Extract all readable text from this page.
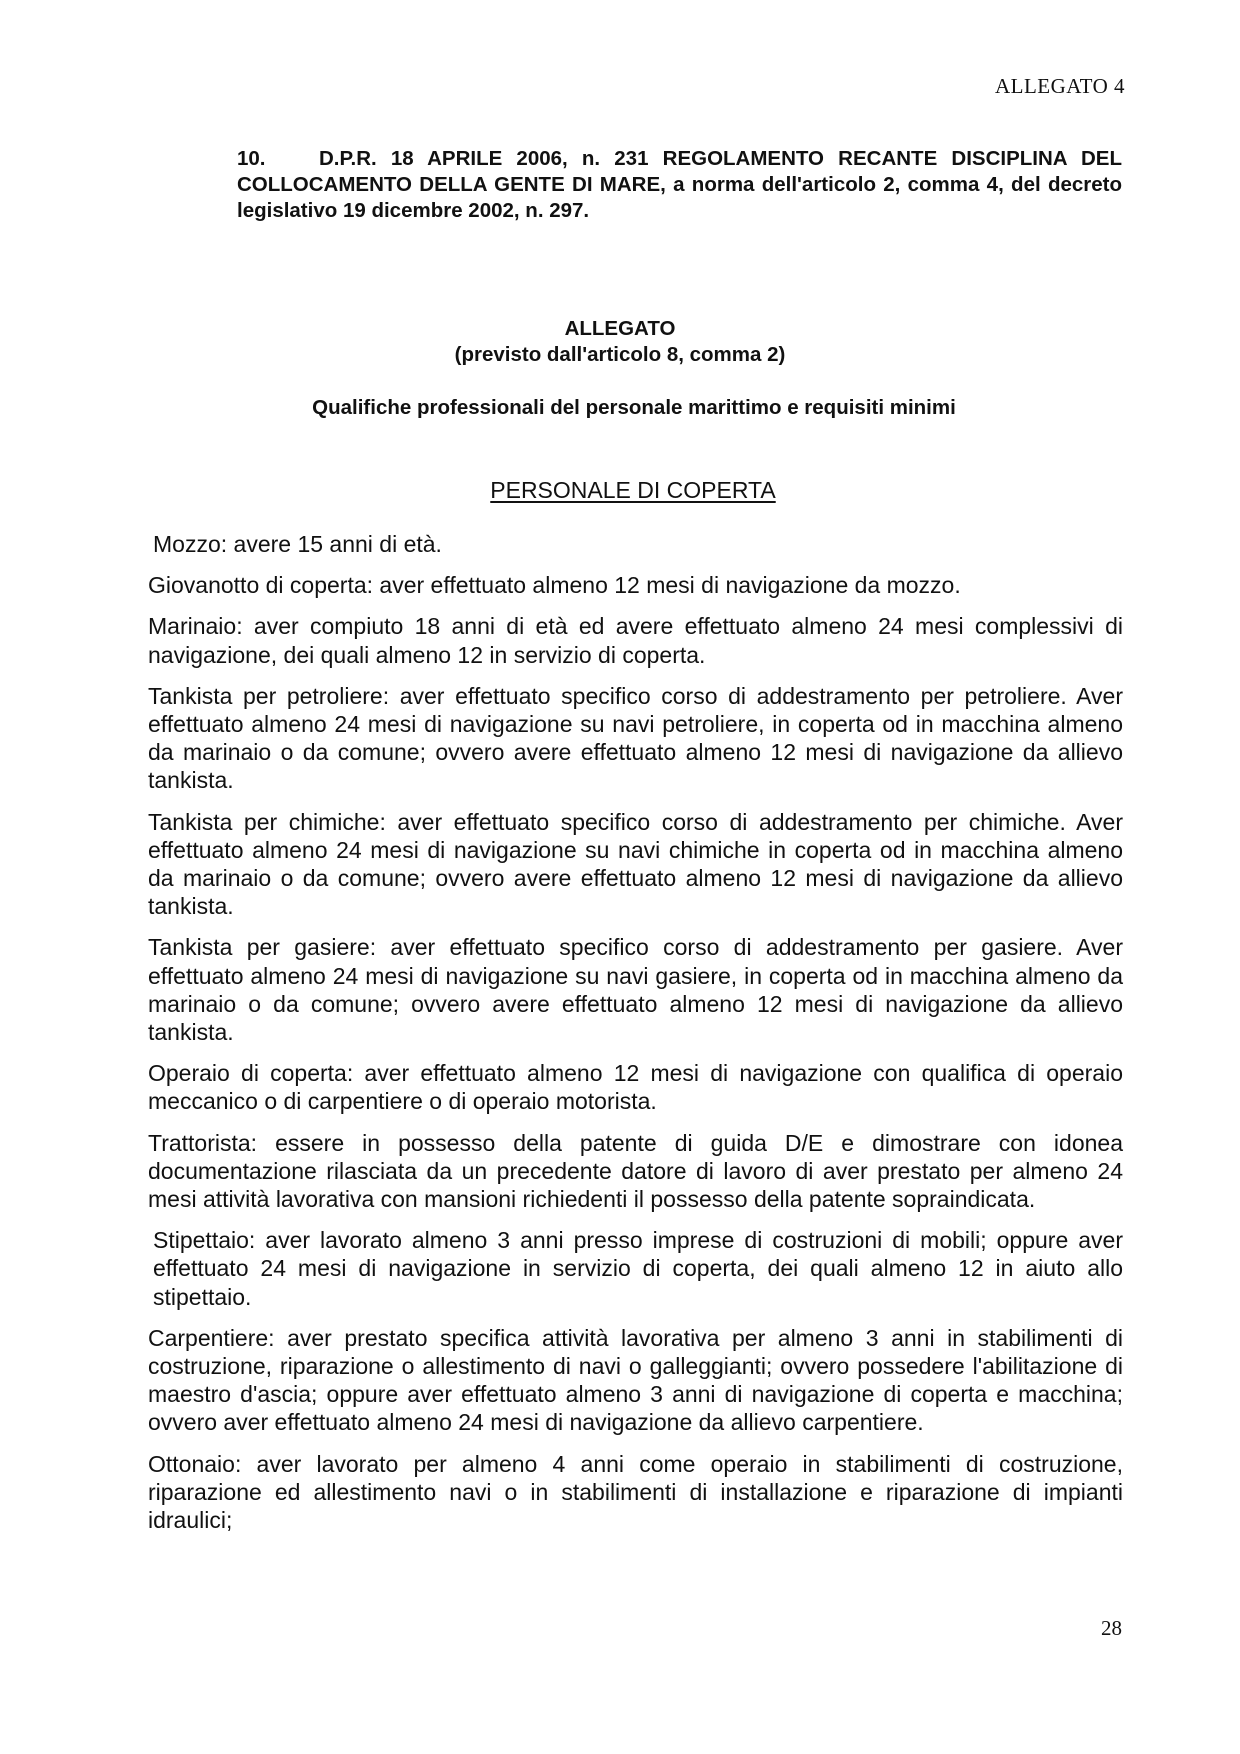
ALLEGATO 4
10.	D.P.R. 18 APRILE 2006, n. 231 REGOLAMENTO RECANTE DISCIPLINA DEL COLLOCAMENTO DELLA GENTE DI MARE, a norma dell'articolo 2, comma 4, del decreto legislativo 19 dicembre 2002, n. 297.
ALLEGATO
(previsto dall'articolo 8, comma 2)
Qualifiche professionali del personale marittimo e requisiti minimi
PERSONALE DI COPERTA

Mozzo: avere 15 anni di età.

Giovanotto di coperta: aver effettuato almeno 12 mesi di navigazione da mozzo.

Marinaio: aver compiuto 18 anni di età ed avere effettuato almeno 24 mesi complessivi di navigazione, dei quali almeno 12 in servizio di coperta.

Tankista per petroliere: aver effettuato specifico corso di addestramento per petroliere. Aver effettuato almeno 24 mesi di navigazione su navi petroliere, in coperta od in macchina almeno da marinaio o da comune; ovvero avere effettuato almeno 12 mesi di navigazione da allievo tankista.

Tankista per chimiche: aver effettuato specifico corso di addestramento per chimiche. Aver effettuato almeno 24 mesi di navigazione su navi chimiche in coperta od in macchina almeno da marinaio o da comune; ovvero avere effettuato almeno 12 mesi di navigazione da allievo tankista.

Tankista per gasiere: aver effettuato specifico corso di addestramento per gasiere. Aver effettuato almeno 24 mesi di navigazione su navi gasiere, in coperta od in macchina almeno da marinaio o da comune; ovvero avere effettuato almeno 12 mesi di navigazione da allievo tankista.

Operaio di coperta: aver effettuato almeno 12 mesi di navigazione con qualifica di operaio meccanico o di carpentiere o di operaio motorista.

Trattorista: essere in possesso della patente di guida D/E e dimostrare con idonea documentazione rilasciata da un precedente datore di lavoro di aver prestato per almeno 24 mesi attività lavorativa con mansioni richiedenti il possesso della patente sopraindicata.

Stipettaio: aver lavorato almeno 3 anni presso imprese di costruzioni di mobili; oppure aver effettuato 24 mesi di navigazione in servizio di coperta, dei quali almeno 12 in aiuto allo stipettaio.

Carpentiere: aver prestato specifica attività lavorativa per almeno 3 anni in stabilimenti di costruzione, riparazione o allestimento di navi o galleggianti; ovvero possedere l'abilitazione di maestro d'ascia; oppure aver effettuato almeno 3 anni di navigazione di coperta e macchina; ovvero aver effettuato almeno 24 mesi di navigazione da allievo carpentiere.

Ottonaio: aver lavorato per almeno 4 anni come operaio in stabilimenti di costruzione, riparazione ed allestimento navi o in stabilimenti di installazione e riparazione di impianti idraulici;

28
